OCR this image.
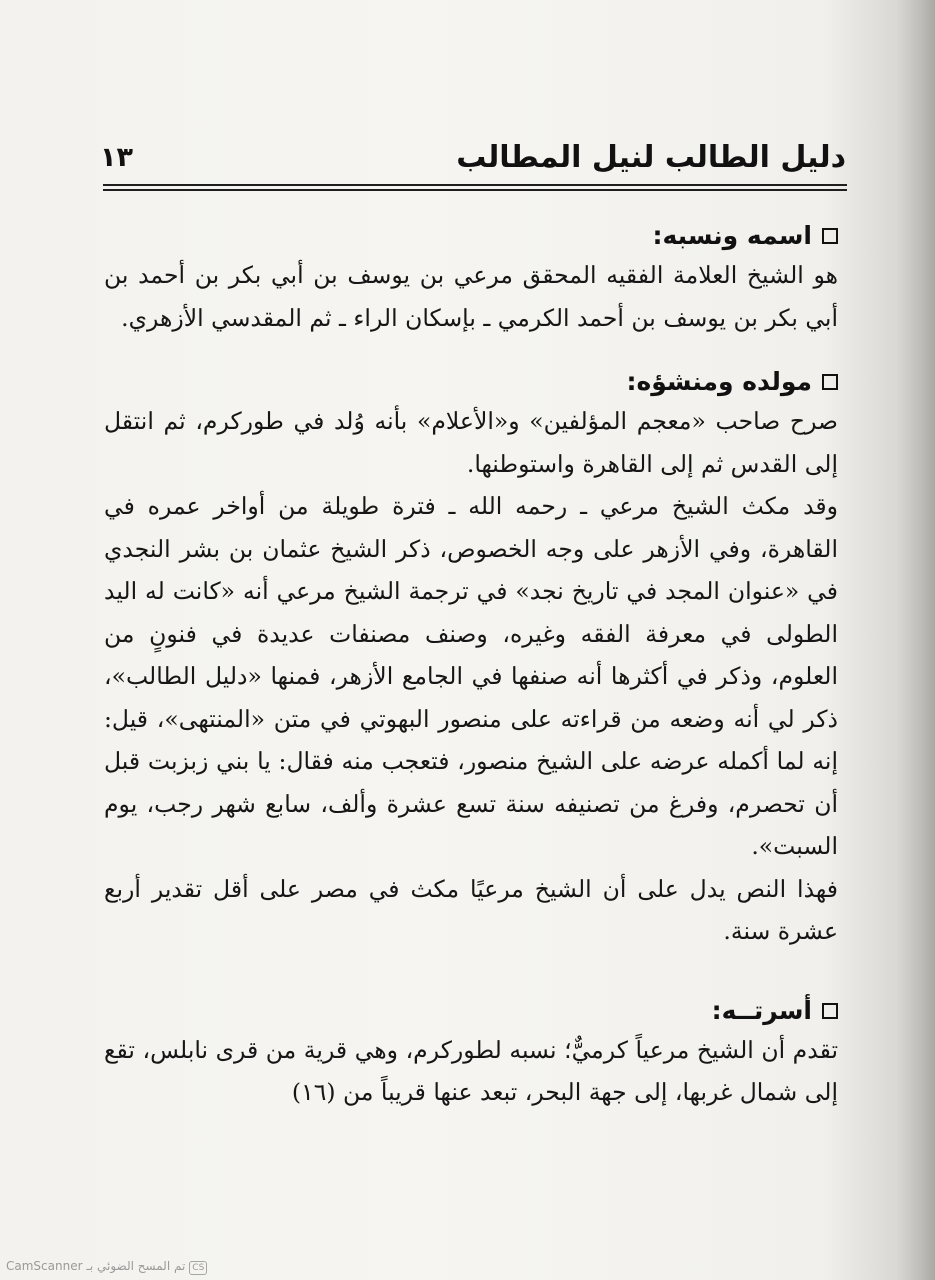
دليل الطالب لنيل المطالب
١٣
اسمه ونسبه:

هو الشيخ العلامة الفقيه المحقق مرعي بن يوسف بن أبي بكر بن أحمد بن أبي بكر بن يوسف بن أحمد الكرمي ـ بإسكان الراء ـ ثم المقدسي الأزهري.

مولده ومنشؤه:

صرح صاحب «معجم المؤلفين» و«الأعلام» بأنه وُلد في طوركرم، ثم انتقل إلى القدس ثم إلى القاهرة واستوطنها.

وقد مكث الشيخ مرعي ـ رحمه الله ـ فترة طويلة من أواخر عمره في القاهرة، وفي الأزهر على وجه الخصوص، ذكر الشيخ عثمان بن بشر النجدي في «عنوان المجد في تاريخ نجد» في ترجمة الشيخ مرعي أنه «كانت له اليد الطولى في معرفة الفقه وغيره، وصنف مصنفات عديدة في فنونٍ من العلوم، وذكر في أكثرها أنه صنفها في الجامع الأزهر، فمنها «دليل الطالب»، ذكر لي أنه وضعه من قراءته على منصور البهوتي في متن «المنتهى»، قيل: إنه لما أكمله عرضه على الشيخ منصور، فتعجب منه فقال: يا بني زبزبت قبل أن تحصرم، وفرغ من تصنيفه سنة تسع عشرة وألف، سابع شهر رجب، يوم السبت».

فهذا النص يدل على أن الشيخ مرعيًا مكث في مصر على أقل تقدير أربع عشرة سنة.

أسرتــه:

تقدم أن الشيخ مرعياً كرميٌّ؛ نسبه لطوركرم، وهي قرية من قرى نابلس، تقع إلى شمال غربها، إلى جهة البحر، تبعد عنها قريباً من (١٦)

CSتم المسح الضوئي بـ CamScanner
